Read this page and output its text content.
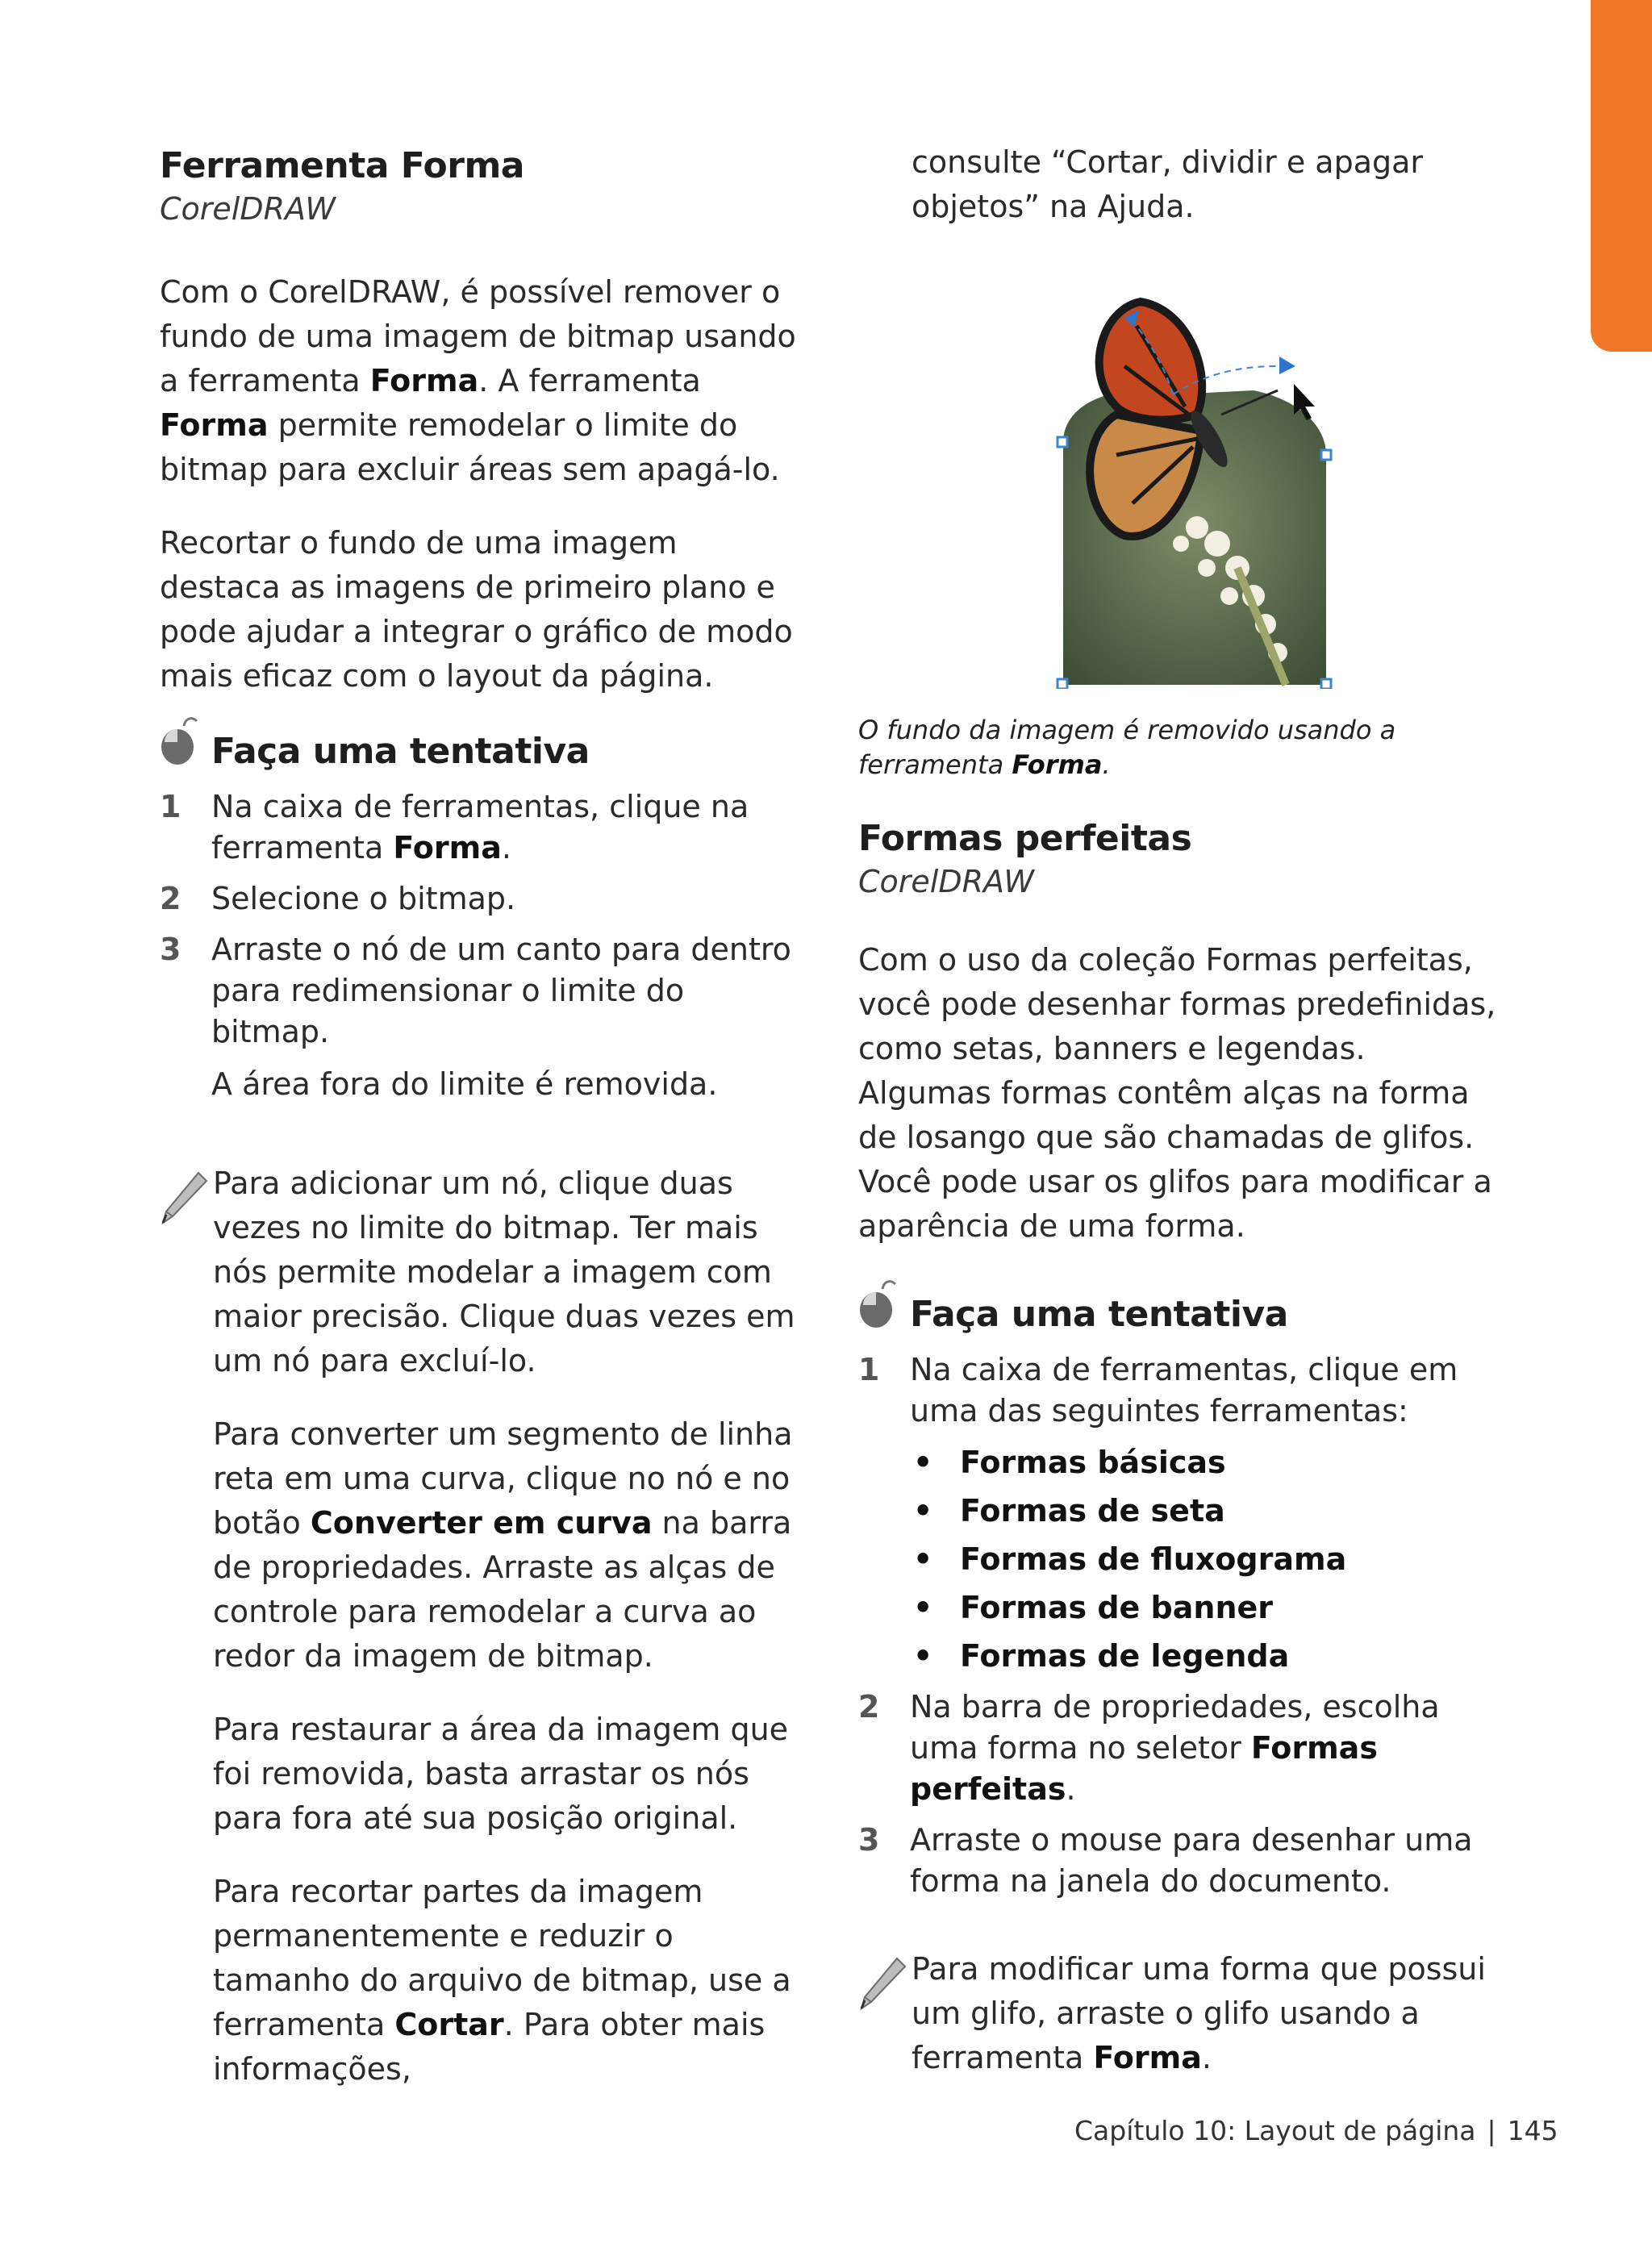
Ferramenta Forma
CorelDRAW

Com o CorelDRAW, é possível remover o fundo de uma imagem de bitmap usando a ferramenta Forma. A ferramenta Forma permite remodelar o limite do bitmap para excluir áreas sem apagá-lo.

Recortar o fundo de uma imagem destaca as imagens de primeiro plano e pode ajudar a integrar o gráfico de modo mais eficaz com o layout da página.

Faça uma tentativa
1 Na caixa de ferramentas, clique na ferramenta Forma.
2 Selecione o bitmap.
3 Arraste o nó de um canto para dentro para redimensionar o limite do bitmap.
A área fora do limite é removida.

Para adicionar um nó, clique duas vezes no limite do bitmap. Ter mais nós permite modelar a imagem com maior precisão. Clique duas vezes em um nó para excluí-lo.

Para converter um segmento de linha reta em uma curva, clique no nó e no botão Converter em curva na barra de propriedades. Arraste as alças de controle para remodelar a curva ao redor da imagem de bitmap.

Para restaurar a área da imagem que foi removida, basta arrastar os nós para fora até sua posição original.

Para recortar partes da imagem permanentemente e reduzir o tamanho do arquivo de bitmap, use a ferramenta Cortar. Para obter mais informações,

consulte “Cortar, dividir e apagar objetos” na Ajuda.

O fundo da imagem é removido usando a ferramenta Forma.

Formas perfeitas
CorelDRAW

Com o uso da coleção Formas perfeitas, você pode desenhar formas predefinidas, como setas, banners e legendas. Algumas formas contêm alças na forma de losango que são chamadas de glifos. Você pode usar os glifos para modificar a aparência de uma forma.

Faça uma tentativa
1 Na caixa de ferramentas, clique em uma das seguintes ferramentas:
• Formas básicas
• Formas de seta
• Formas de fluxograma
• Formas de banner
• Formas de legenda
2 Na barra de propriedades, escolha uma forma no seletor Formas perfeitas.
3 Arraste o mouse para desenhar uma forma na janela do documento.

Para modificar uma forma que possui um glifo, arraste o glifo usando a ferramenta Forma.

Capítulo 10: Layout de página | 145
